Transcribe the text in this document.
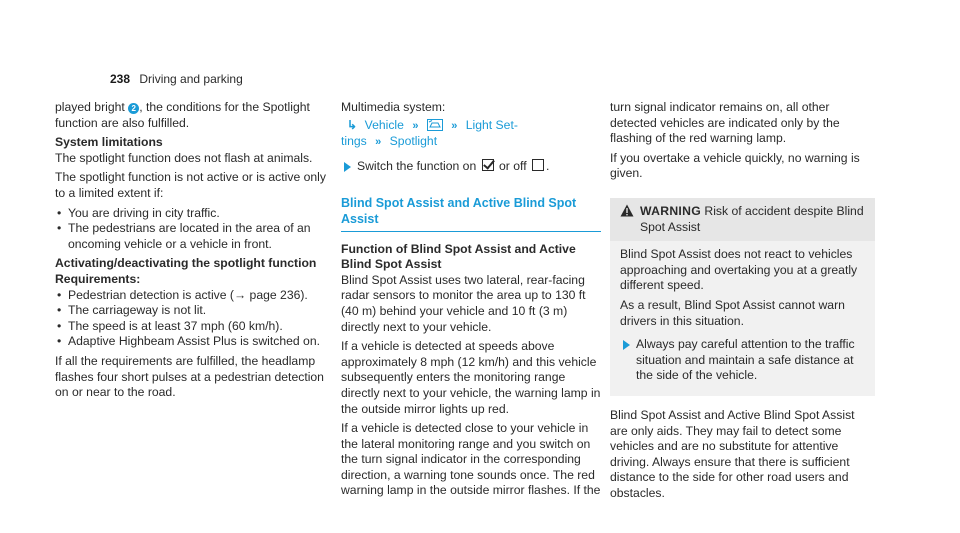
238 Driving and parking

played bright 2 , the conditions for the Spotlight function are also fulfilled.

System limitations

The spotlight function does not flash at animals.

The spotlight function is not active or is active only to a limited extent if:

• You are driving in city traffic.
• The pedestrians are located in the area of an oncoming vehicle or a vehicle in front.
Activating/deactivating the spotlight function
Requirements:
• Pedestrian detection is active (→ page 236).
• The carriageway is not lit.
• The speed is at least 37 mph (60 km/h).
• Adaptive Highbeam Assist Plus is switched on.

If all the requirements are fulfilled, the headlamp flashes four short pulses at a pedestrian detection on or near to the road.

Multimedia system:

↳ Vehicle »	» Light Set-
tings » Spotlight
Switch the function on or off .
Blind Spot Assist and Active Blind Spot Assist
Function of Blind Spot Assist and Active Blind Spot Assist

Blind Spot Assist uses two lateral, rear-facing radar sensors to monitor the area up to 130 ft (40 m) behind your vehicle and 10 ft (3 m) directly next to your vehicle.

If a vehicle is detected at speeds above approximately 8 mph (12 km/h) and this vehicle subsequently enters the monitoring range directly next to your vehicle, the warning lamp in the outside mirror lights up red.

If a vehicle is detected close to your vehicle in the lateral monitoring range and you switch on the turn signal indicator in the corresponding direction, a warning tone sounds once. The red warning lamp in the outside mirror flashes. If the

turn signal indicator remains on, all other detected vehicles are indicated only by the flashing of the red warning lamp.

If you overtake a vehicle quickly, no warning is given.

WARNING Risk of accident despite Blind Spot Assist

Blind Spot Assist does not react to vehicles approaching and overtaking you at a greatly different speed.

As a result, Blind Spot Assist cannot warn drivers in this situation.

Always pay careful attention to the traffic situation and maintain a safe distance at the side of the vehicle.

Blind Spot Assist and Active Blind Spot Assist are only aids. They may fail to detect some vehicles and are no substitute for attentive driving. Always ensure that there is sufficient distance to the side for other road users and obstacles.
